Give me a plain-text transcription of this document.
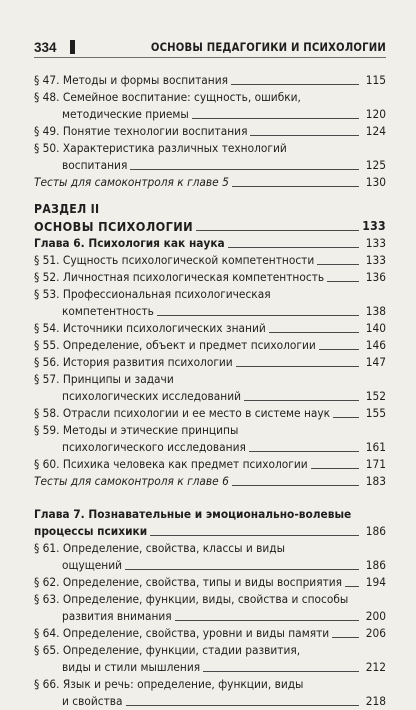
334	ОСНОВЫ ПЕДАГОГИКИ И ПСИХОЛОГИИ
§ 47. Методы и формы воспитания	115
§ 48. Семейное воспитание: сущность, ошибки,
методические приемы	120
§ 49. Понятие технологии воспитания	124
§ 50. Характеристика различных технологий
воспитания	125
Тесты для самоконтроля к главе 5	130
РАЗДЕЛ II
ОСНОВЫ ПСИХОЛОГИИ	133
Глава 6. Психология как наука	133
§ 51. Сущность психологической компетентности	133
§ 52. Личностная психологическая компетентность	136
§ 53. Профессиональная психологическая
компетентность	138
§ 54. Источники психологических знаний	140
§ 55. Определение, объект и предмет психологии	146
§ 56. История развития психологии	147
§ 57. Принципы и задачи
психологических исследований	152
§ 58. Отрасли психологии и ее место в системе наук	155
§ 59. Методы и этические принципы
психологического исследования	161
§ 60. Психика человека как предмет психологии	171
Тесты для самоконтроля к главе 6	183
Глава 7. Познавательные и эмоционально-волевые
процессы психики	186
§ 61. Определение, свойства, классы и виды
ощущений	186
§ 62. Определение, свойства, типы и виды восприятия	194
§ 63. Определение, функции, виды, свойства и способы
развития внимания	200
§ 64. Определение, свойства, уровни и виды памяти	206
§ 65. Определение, функции, стадии развития,
виды и стили мышления	212
§ 66. Язык и речь: определение, функции, виды
и свойства	218
